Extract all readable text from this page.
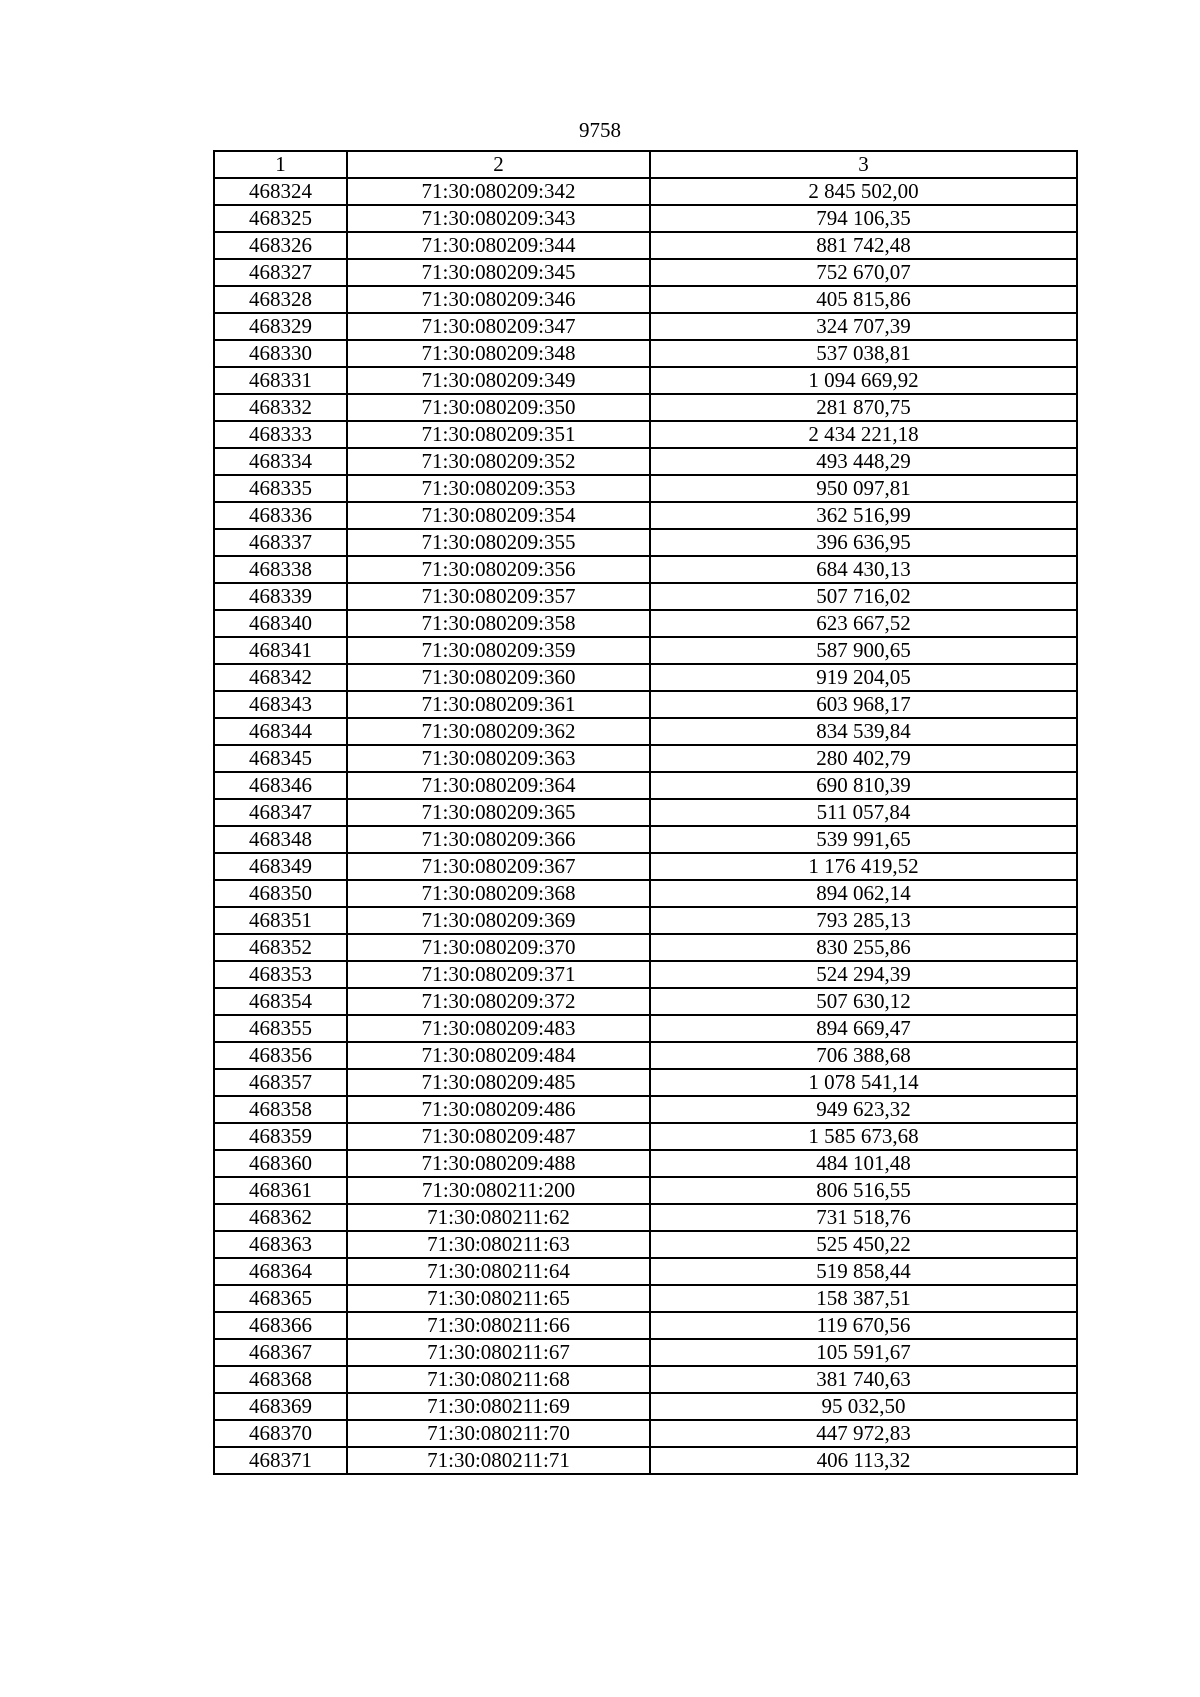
9758
1	2	3
468324	71:30:080209:342	2 845 502,00
468325	71:30:080209:343	794 106,35
468326	71:30:080209:344	881 742,48
468327	71:30:080209:345	752 670,07
468328	71:30:080209:346	405 815,86
468329	71:30:080209:347	324 707,39
468330	71:30:080209:348	537 038,81
468331	71:30:080209:349	1 094 669,92
468332	71:30:080209:350	281 870,75
468333	71:30:080209:351	2 434 221,18
468334	71:30:080209:352	493 448,29
468335	71:30:080209:353	950 097,81
468336	71:30:080209:354	362 516,99
468337	71:30:080209:355	396 636,95
468338	71:30:080209:356	684 430,13
468339	71:30:080209:357	507 716,02
468340	71:30:080209:358	623 667,52
468341	71:30:080209:359	587 900,65
468342	71:30:080209:360	919 204,05
468343	71:30:080209:361	603 968,17
468344	71:30:080209:362	834 539,84
468345	71:30:080209:363	280 402,79
468346	71:30:080209:364	690 810,39
468347	71:30:080209:365	511 057,84
468348	71:30:080209:366	539 991,65
468349	71:30:080209:367	1 176 419,52
468350	71:30:080209:368	894 062,14
468351	71:30:080209:369	793 285,13
468352	71:30:080209:370	830 255,86
468353	71:30:080209:371	524 294,39
468354	71:30:080209:372	507 630,12
468355	71:30:080209:483	894 669,47
468356	71:30:080209:484	706 388,68
468357	71:30:080209:485	1 078 541,14
468358	71:30:080209:486	949 623,32
468359	71:30:080209:487	1 585 673,68
468360	71:30:080209:488	484 101,48
468361	71:30:080211:200	806 516,55
468362	71:30:080211:62	731 518,76
468363	71:30:080211:63	525 450,22
468364	71:30:080211:64	519 858,44
468365	71:30:080211:65	158 387,51
468366	71:30:080211:66	119 670,56
468367	71:30:080211:67	105 591,67
468368	71:30:080211:68	381 740,63
468369	71:30:080211:69	95 032,50
468370	71:30:080211:70	447 972,83
468371	71:30:080211:71	406 113,32
